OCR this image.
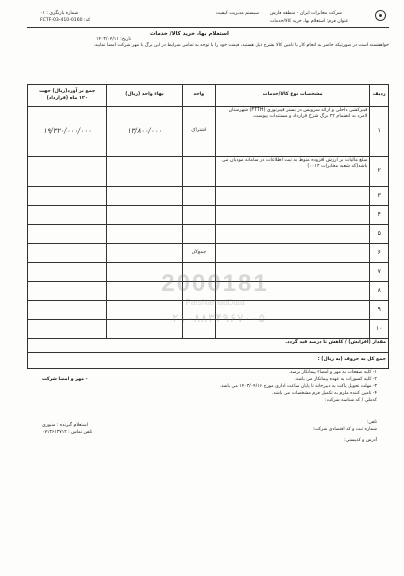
شرکت مخابرات ایران - منطقه فارس
سیستم مدیریت کیفیت
شماره بازنگری : ۰۱
کد: FCTF-03-410-0160	عنوان فرم: استعلام بها، خرید کالا/خدمات
استعلام بها، خرید کالا/ خدمات
تاریخ: ۱۴۰۳/۰۴/۱۱
خواهشمند است در صورتیکه حاضر به انجام کار یا تامین کالا بشرح ذیل هستید، قیمت خود را با توجه به تمامی شرایط در این برگ با مهر شرکت امضا نمایید.
ردیف	مشخصات نوع کالا/خدمات	واحد	بهاء واحد (ریال)	جمع بر آورد(ریال) جهت
۱۲۰ ماه (قرارداد)
۱	فیبرکشی داخلی و ارائه سرویس در بستر فیبرنوری (FTTH) شهرستان لامرد به انضمام ۲۲ برگ شرح قرارداد و مستندات پیوست.	اشتراک	۱۳/۸۰۰/۰۰۰	۱۹/۳۲۰/۰۰۰/۰۰۰
۲	مبلغ مالیات بر ارزش افزوده منوط به ثبت اطلاعات در سامانه مودیان می باشد(کد شعبه مخابرات ۰۰۱۴)			
۳				
۴				
۵				
۶		جمع‌کل		
۷				
۸				
۹				
۱۰				
مقدار (افزایش) / کاهش تا درصد قید گردد.				
جمع کل به حروف (به ریال) :				
2000181
ParsNamadData
۰۲۱-۸۸۳۴۹۶۷۰-۵
۱- کلیه صفحات به مهر و امضاء پیمانکار برسد.
۲- کلیه کسورات به عهده پیمانکار می باشد.
۳- مهلت تحویل پاکت به دبیرخانه تا پایان ساعت اداری مورخ ۱۴۰۳/۰۴/۱۶ می باشد.
۴- تامین کننده ملزم به تکمیل فرم مشخصات می باشد.
کدملی / کد شناسه شرکت:
- مهر و امضا شرکت
تلفن:
شماره ثبت و کد اقتصادی شرکت:
آدرس و کدپستی:
استعلام گیرنده : منبوری
تلفن تماس : ۰۷۱۳۶۱۳۷۱۲
